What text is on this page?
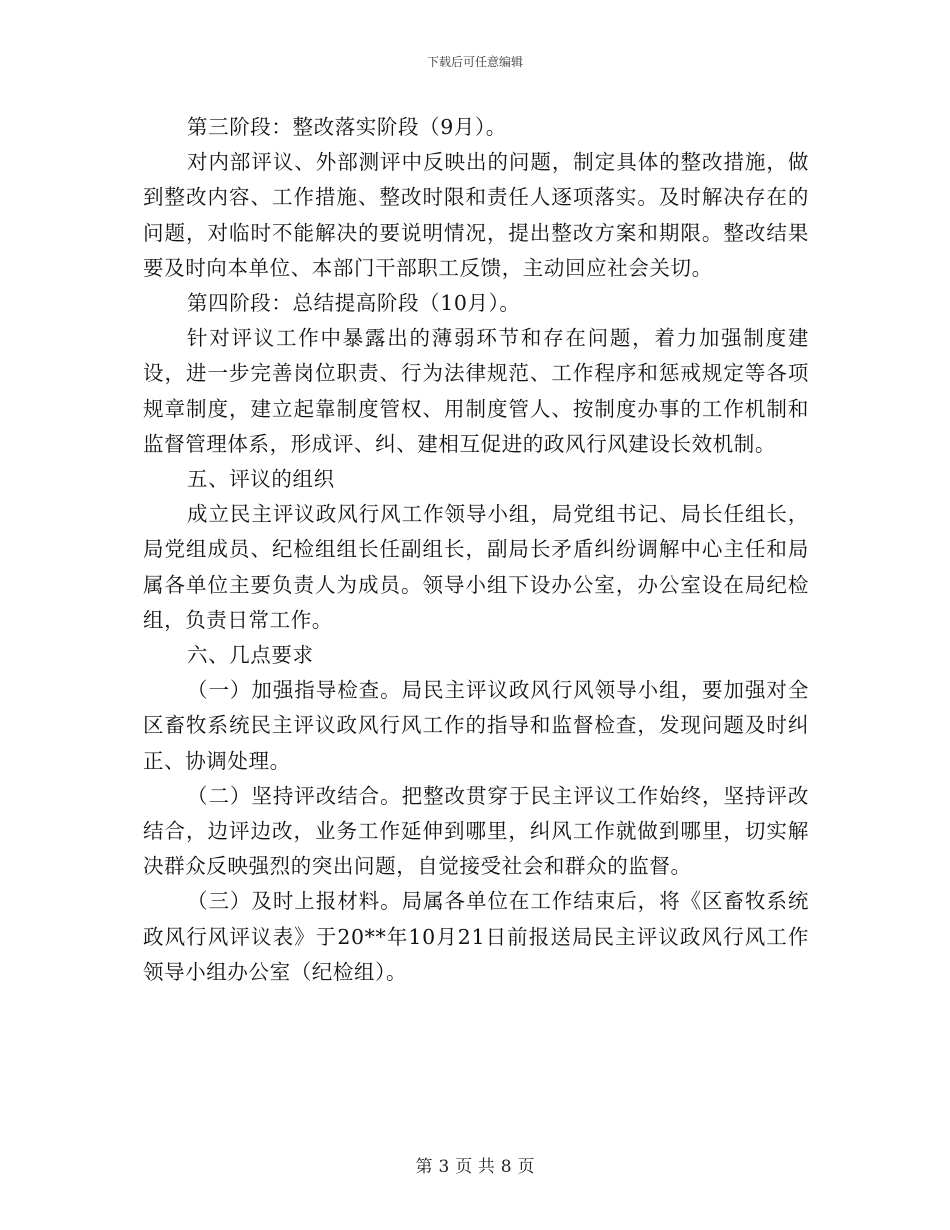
下载后可任意编辑

第三阶段：整改落实阶段（9月）。

对内部评议、外部测评中反映出的问题，制定具体的整改措施，做到整改内容、工作措施、整改时限和责任人逐项落实。及时解决存在的问题，对临时不能解决的要说明情况，提出整改方案和期限。整改结果要及时向本单位、本部门干部职工反馈，主动回应社会关切。

第四阶段：总结提高阶段（10月）。

针对评议工作中暴露出的薄弱环节和存在问题，着力加强制度建设，进一步完善岗位职责、行为法律规范、工作程序和惩戒规定等各项规章制度，建立起靠制度管权、用制度管人、按制度办事的工作机制和监督管理体系，形成评、纠、建相互促进的政风行风建设长效机制。

五、评议的组织

成立民主评议政风行风工作领导小组，局党组书记、局长任组长，局党组成员、纪检组组长任副组长，副局长矛盾纠纷调解中心主任和局属各单位主要负责人为成员。领导小组下设办公室，办公室设在局纪检组，负责日常工作。

六、几点要求

（一）加强指导检查。局民主评议政风行风领导小组，要加强对全区畜牧系统民主评议政风行风工作的指导和监督检查，发现问题及时纠正、协调处理。

（二）坚持评改结合。把整改贯穿于民主评议工作始终，坚持评改结合，边评边改，业务工作延伸到哪里，纠风工作就做到哪里，切实解决群众反映强烈的突出问题，自觉接受社会和群众的监督。

（三）及时上报材料。局属各单位在工作结束后，将《区畜牧系统政风行风评议表》于20**年10月21日前报送局民主评议政风行风工作领导小组办公室（纪检组）。

第 3 页 共 8 页
